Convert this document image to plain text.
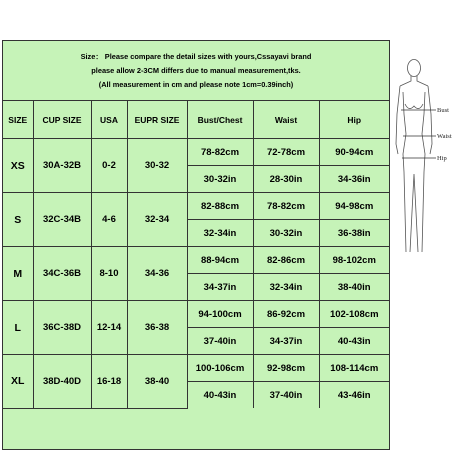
Size： Please compare the detail sizes with yours,Cssayavi brand
please allow 2-3CM differs due to manual measurement,tks.
(All measurement in cm and please note 1cm=0.39inch)
SIZE	CUP SIZE	USA	EUPR SIZE	Bust/Chest	Waist	Hip
XS	30A-32B	0-2	30-32	78-82cm	72-78cm	90-94cm
				30-32in	28-30in	34-36in
S	32C-34B	4-6	32-34	82-88cm	78-82cm	94-98cm
				32-34in	30-32in	36-38in
M	34C-36B	8-10	34-36	88-94cm	82-86cm	98-102cm
				34-37in	32-34in	38-40in
L	36C-38D	12-14	36-38	94-100cm	86-92cm	102-108cm
				37-40in	34-37in	40-43in
XL	38D-40D	16-18	38-40	100-106cm	92-98cm	108-114cm
				40-43in	37-40in	43-46in
Bust
Waist
Hip
